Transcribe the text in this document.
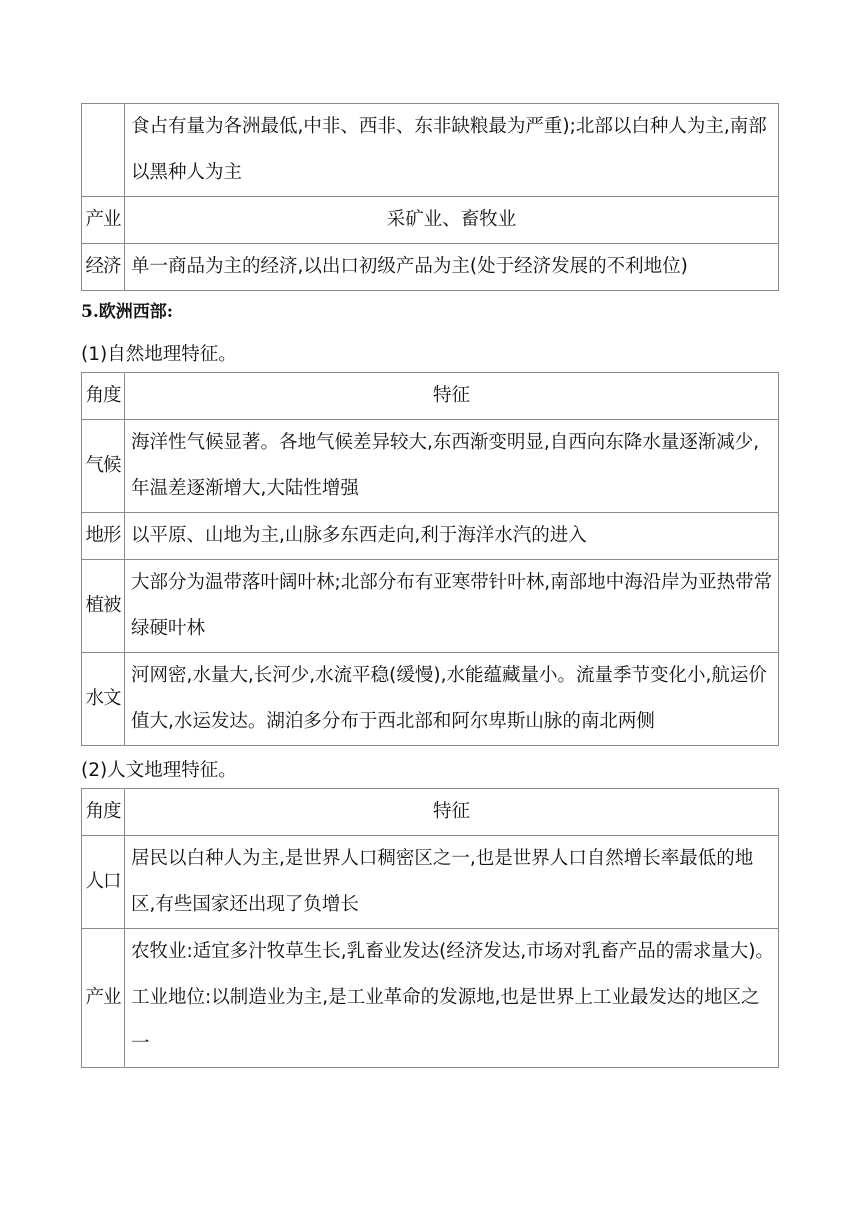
	食占有量为各洲最低,中非、西非、东非缺粮最为严重);北部以白种人为主,南部以黑种人为主
产业	采矿业、畜牧业
经济	单一商品为主的经济,以出口初级产品为主(处于经济发展的不利地位)
5.欧洲西部:
(1)自然地理特征。
角度	特征
气候	海洋性气候显著。各地气候差异较大,东西渐变明显,自西向东降水量逐渐减少,年温差逐渐增大,大陆性增强
地形	以平原、山地为主,山脉多东西走向,利于海洋水汽的进入
植被	大部分为温带落叶阔叶林;北部分布有亚寒带针叶林,南部地中海沿岸为亚热带常绿硬叶林
水文	河网密,水量大,长河少,水流平稳(缓慢),水能蕴藏量小。流量季节变化小,航运价值大,水运发达。湖泊多分布于西北部和阿尔卑斯山脉的南北两侧
(2)人文地理特征。
角度	特征
人口	居民以白种人为主,是世界人口稠密区之一,也是世界人口自然增长率最低的地区,有些国家还出现了负增长
产业	农牧业:适宜多汁牧草生长,乳畜业发达(经济发达,市场对乳畜产品的需求量大)。
工业地位:以制造业为主,是工业革命的发源地,也是世界上工业最发达的地区之一
